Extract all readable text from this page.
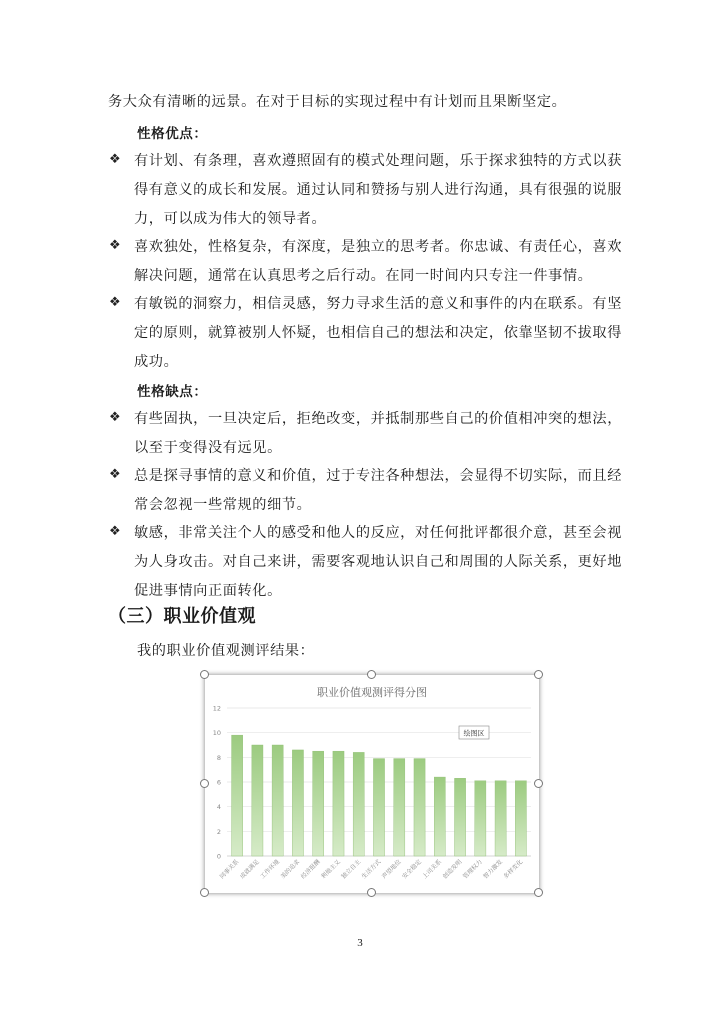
务大众有清晰的远景。在对于目标的实现过程中有计划而且果断坚定。
性格优点：
❖ 有计划、有条理，喜欢遵照固有的模式处理问题，乐于探求独特的方式以获
得有意义的成长和发展。通过认同和赞扬与别人进行沟通，具有很强的说服
力，可以成为伟大的领导者。
❖ 喜欢独处，性格复杂，有深度，是独立的思考者。你忠诚、有责任心，喜欢
解决问题，通常在认真思考之后行动。在同一时间内只专注一件事情。
❖ 有敏锐的洞察力，相信灵感，努力寻求生活的意义和事件的内在联系。有坚
定的原则，就算被别人怀疑，也相信自己的想法和决定，依靠坚韧不拔取得
成功。
性格缺点：
❖ 有些固执，一旦决定后，拒绝改变，并抵制那些自己的价值相冲突的想法，
以至于变得没有远见。
❖ 总是探寻事情的意义和价值，过于专注各种想法，会显得不切实际，而且经
常会忽视一些常规的细节。
❖ 敏感，非常关注个人的感受和他人的反应，对任何批评都很介意，甚至会视
为人身攻击。对自己来讲，需要客观地认识自己和周围的人际关系，更好地
促进事情向正面转化。
（三）职业价值观
我的职业价值观测评结果：
职业价值观测评得分图
0
2
4
6
8
10
12
同事关系
成就满足
工作环境
美的追求
经济报酬
利他主义
独立自主
生活方式
声望地位
安全稳定
上司关系
创造发明
管理权力
智力激发
多样变化
绘图区
3
